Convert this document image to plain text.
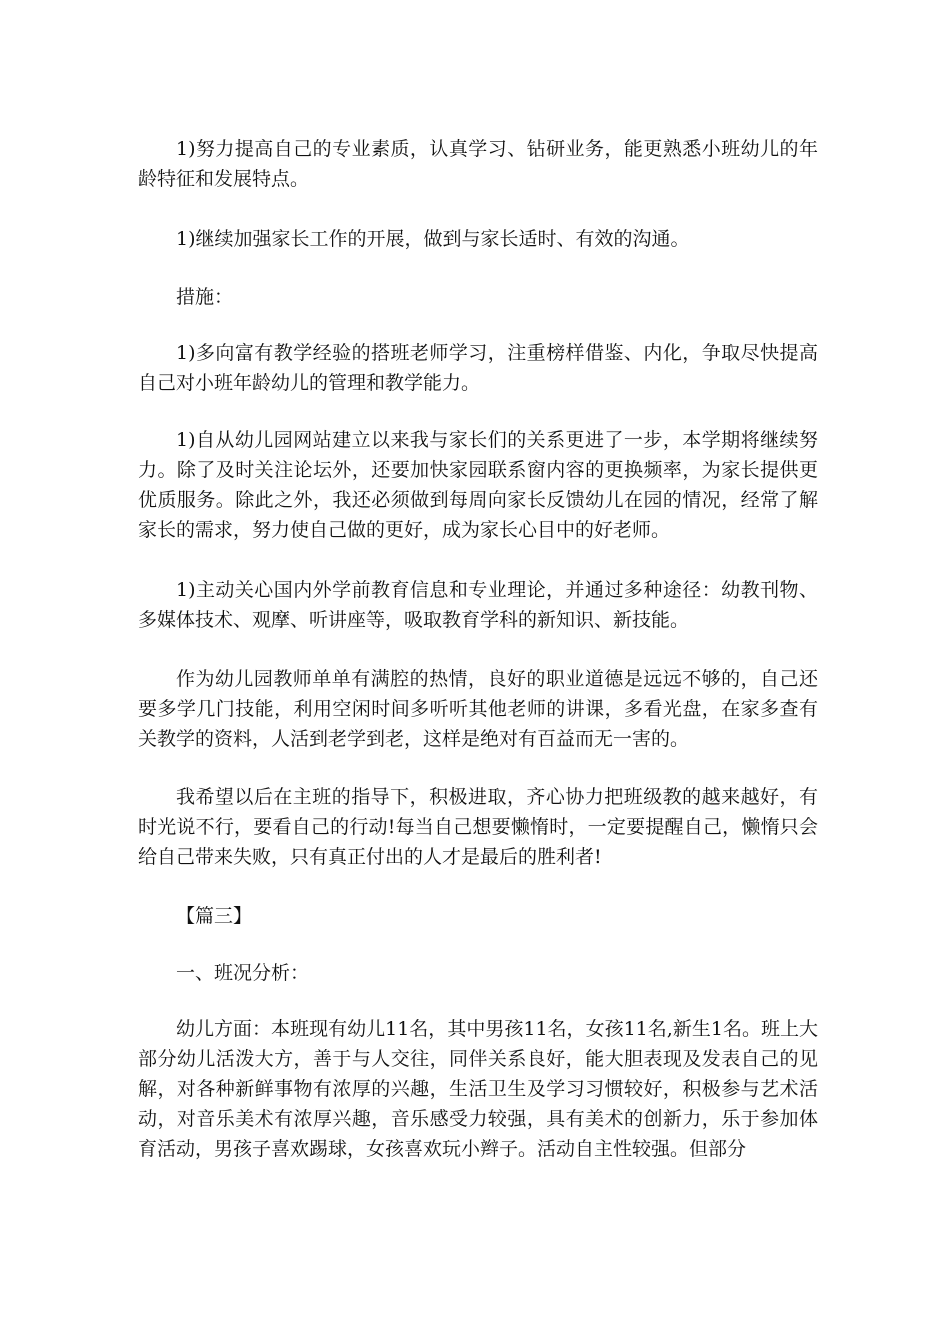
1)努力提高自己的专业素质，认真学习、钻研业务，能更熟悉小班幼儿的年龄特征和发展特点。

1)继续加强家长工作的开展，做到与家长适时、有效的沟通。

措施：

1)多向富有教学经验的搭班老师学习，注重榜样借鉴、内化，争取尽快提高自己对小班年龄幼儿的管理和教学能力。

1)自从幼儿园网站建立以来我与家长们的关系更进了一步，本学期将继续努力。除了及时关注论坛外，还要加快家园联系窗内容的更换频率，为家长提供更优质服务。除此之外，我还必须做到每周向家长反馈幼儿在园的情况，经常了解家长的需求，努力使自己做的更好，成为家长心目中的好老师。

1)主动关心国内外学前教育信息和专业理论，并通过多种途径：幼教刊物、多媒体技术、观摩、听讲座等，吸取教育学科的新知识、新技能。

作为幼儿园教师单单有满腔的热情，良好的职业道德是远远不够的，自己还要多学几门技能，利用空闲时间多听听其他老师的讲课，多看光盘，在家多查有关教学的资料，人活到老学到老，这样是绝对有百益而无一害的。

我希望以后在主班的指导下，积极进取，齐心协力把班级教的越来越好，有时光说不行，要看自己的行动!每当自己想要懒惰时，一定要提醒自己，懒惰只会给自己带来失败，只有真正付出的人才是最后的胜利者!

【篇三】

一、班况分析：

幼儿方面：本班现有幼儿11名，其中男孩11名，女孩11名,新生1名。班上大部分幼儿活泼大方，善于与人交往，同伴关系良好，能大胆表现及发表自己的见解，对各种新鲜事物有浓厚的兴趣，生活卫生及学习习惯较好，积极参与艺术活动，对音乐美术有浓厚兴趣，音乐感受力较强，具有美术的创新力，乐于参加体育活动，男孩子喜欢踢球，女孩喜欢玩小辫子。活动自主性较强。但部分
